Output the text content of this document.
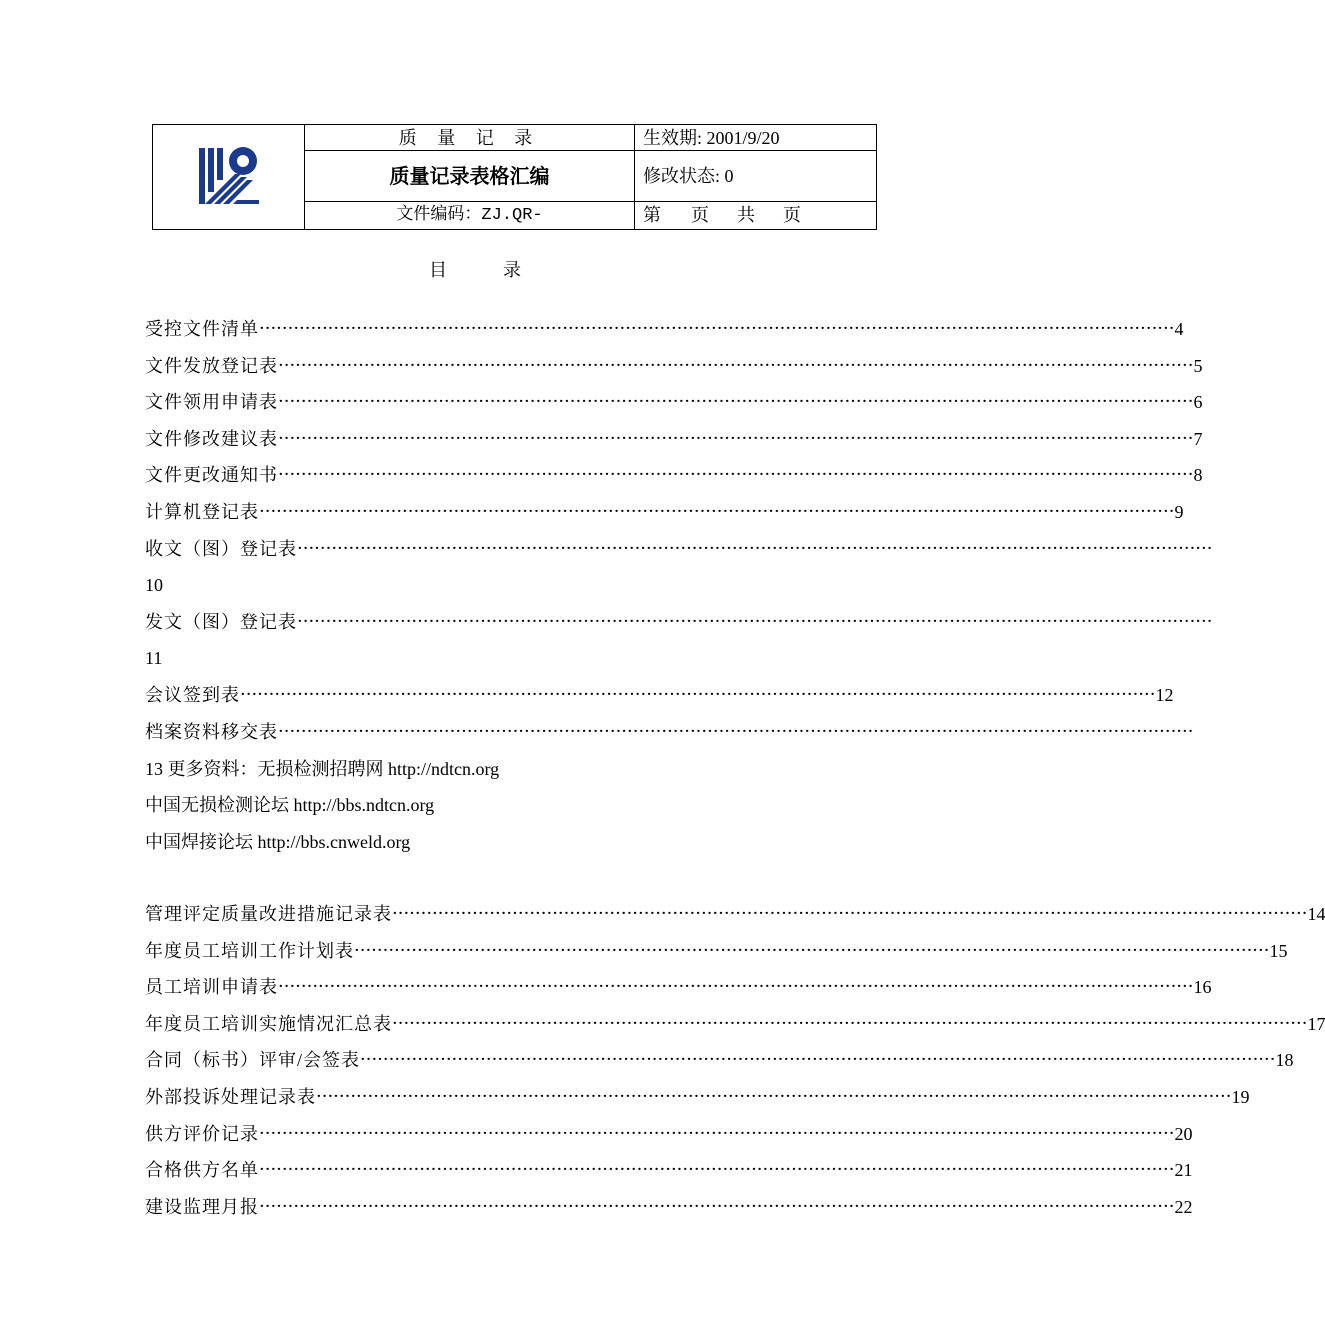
	质 量 记 录	生效期: 2001/9/20
	质量记录表格汇编	修改状态: 0
	文件编码：ZJ.QR-	第 页 共 页
目	录
受控文件清单 ································································································································································ 4
文件发放登记表 ································································································································································ 5
文件领用申请表 ································································································································································ 6
文件修改建议表 ································································································································································ 7
文件更改通知书 ································································································································································ 8
计算机登记表 ································································································································································ 9
收文（图）登记表 ································································································································································
10
发文（图）登记表 ································································································································································
11
会议签到表 ································································································································································ 12
档案资料移交表 ································································································································································
13 更多资料：无损检测招聘网 http://ndtcn.org
中国无损检测论坛 http://bbs.ndtcn.org
中国焊接论坛 http://bbs.cnweld.org
管理评定质量改进措施记录表 ································································································································································ 14
年度员工培训工作计划表 ································································································································································ 15
员工培训申请表 ································································································································································ 16
年度员工培训实施情况汇总表 ································································································································································ 17
合同（标书）评审/会签表 ································································································································································ 18
外部投诉处理记录表 ································································································································································ 19
供方评价记录 ································································································································································ 20
合格供方名单 ································································································································································ 21
建设监理月报 ································································································································································ 22
